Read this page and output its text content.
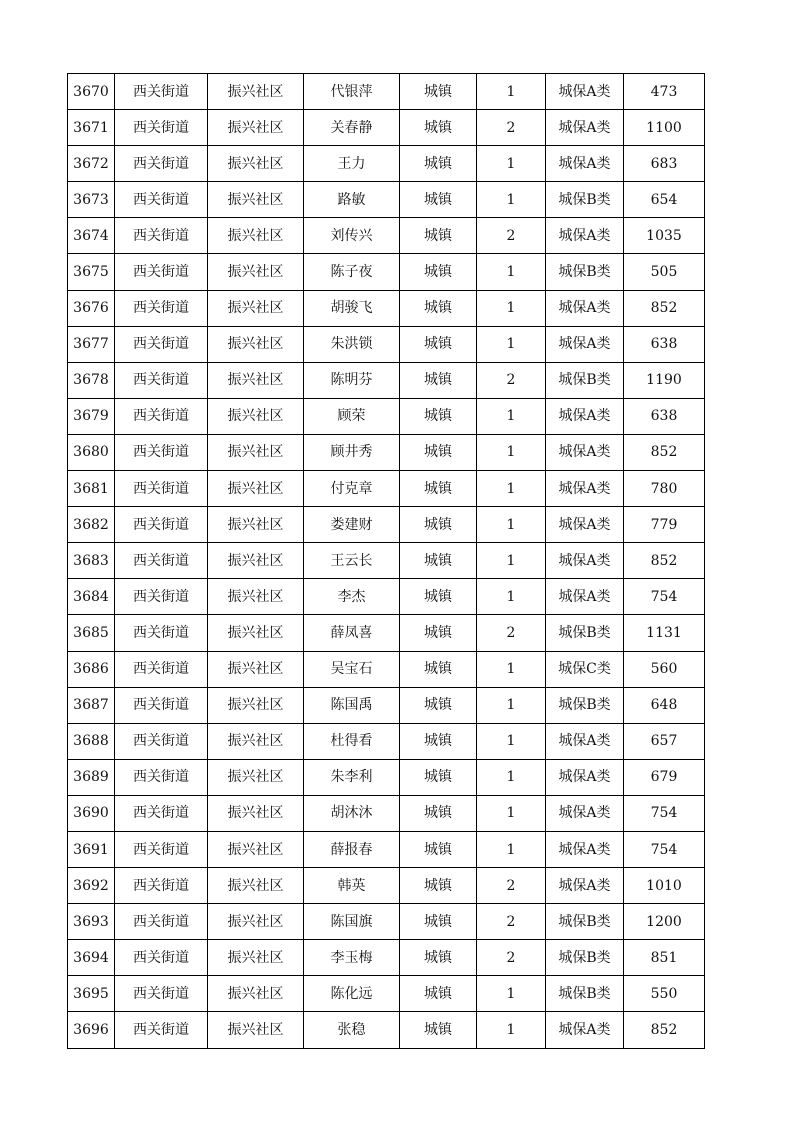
3670	西关街道	振兴社区	代银萍	城镇	1	城保A类	473
3671	西关街道	振兴社区	关春静	城镇	2	城保A类	1100
3672	西关街道	振兴社区	王力	城镇	1	城保A类	683
3673	西关街道	振兴社区	路敏	城镇	1	城保B类	654
3674	西关街道	振兴社区	刘传兴	城镇	2	城保A类	1035
3675	西关街道	振兴社区	陈子夜	城镇	1	城保B类	505
3676	西关街道	振兴社区	胡骏飞	城镇	1	城保A类	852
3677	西关街道	振兴社区	朱洪锁	城镇	1	城保A类	638
3678	西关街道	振兴社区	陈明芬	城镇	2	城保B类	1190
3679	西关街道	振兴社区	顾荣	城镇	1	城保A类	638
3680	西关街道	振兴社区	顾井秀	城镇	1	城保A类	852
3681	西关街道	振兴社区	付克章	城镇	1	城保A类	780
3682	西关街道	振兴社区	娄建财	城镇	1	城保A类	779
3683	西关街道	振兴社区	王云长	城镇	1	城保A类	852
3684	西关街道	振兴社区	李杰	城镇	1	城保A类	754
3685	西关街道	振兴社区	薛凤喜	城镇	2	城保B类	1131
3686	西关街道	振兴社区	吴宝石	城镇	1	城保C类	560
3687	西关街道	振兴社区	陈国禹	城镇	1	城保B类	648
3688	西关街道	振兴社区	杜得看	城镇	1	城保A类	657
3689	西关街道	振兴社区	朱李利	城镇	1	城保A类	679
3690	西关街道	振兴社区	胡沐沐	城镇	1	城保A类	754
3691	西关街道	振兴社区	薛报春	城镇	1	城保A类	754
3692	西关街道	振兴社区	韩英	城镇	2	城保A类	1010
3693	西关街道	振兴社区	陈国旗	城镇	2	城保B类	1200
3694	西关街道	振兴社区	李玉梅	城镇	2	城保B类	851
3695	西关街道	振兴社区	陈化远	城镇	1	城保B类	550
3696	西关街道	振兴社区	张稳	城镇	1	城保A类	852
